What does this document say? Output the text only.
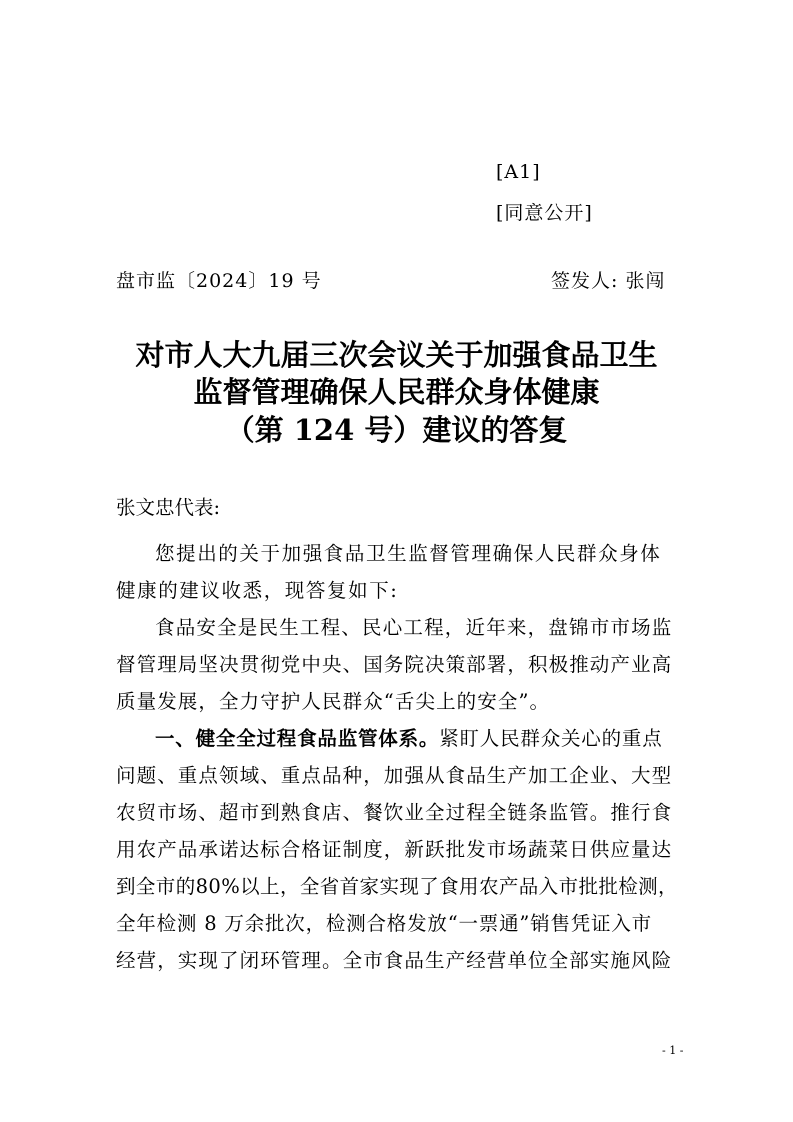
[A1]
[同意公开]
盘市监〔2024〕19 号	签发人: 张闯
对市人大九届三次会议关于加强食品卫生
监督管理确保人民群众身体健康
（第 124 号）建议的答复
张文忠代表:
您提出的关于加强食品卫生监督管理确保人民群众身体
健康的建议收悉，现答复如下:
食品安全是民生工程、民心工程，近年来，盘锦市市场监
督管理局坚决贯彻党中央、国务院决策部署，积极推动产业高
质量发展，全力守护人民群众“舌尖上的安全”。
一、健全全过程食品监管体系。紧盯人民群众关心的重点
问题、重点领域、重点品种，加强从食品生产加工企业、大型
农贸市场、超市到熟食店、餐饮业全过程全链条监管。推行食
用农产品承诺达标合格证制度，新跃批发市场蔬菜日供应量达
到全市的80%以上，全省首家实现了食用农产品入市批批检测，
全年检测 8 万余批次，检测合格发放“一票通”销售凭证入市
经营，实现了闭环管理。全市食品生产经营单位全部实施风险
- 1 -
